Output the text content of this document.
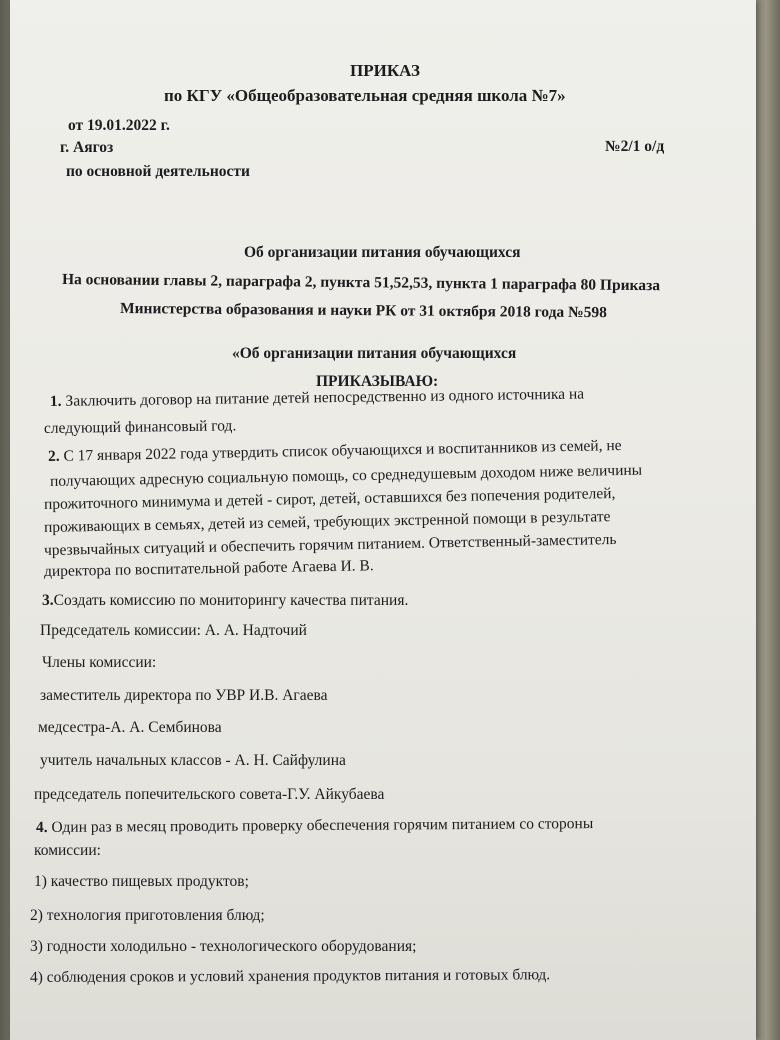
ПРИКАЗ
по КГУ «Общеобразовательная средняя школа №7»
от 19.01.2022 г.
г. Аягоз	№2/1 о/д
по основной деятельности
Об организации питания обучающихся
На основании главы 2, параграфа 2, пункта 51,52,53, пункта 1 параграфа 80 Приказа
Министерства образования и науки РК от 31 октября 2018 года №598
«Об организации питания обучающихся
ПРИКАЗЫВАЮ:
1. Заключить договор на питание детей непосредственно из одного источника на
следующий финансовый год.
2. С 17 января 2022 года утвердить список обучающихся и воспитанников из семей, не
получающих адресную социальную помощь, со среднедушевым доходом ниже величины
прожиточного минимума и детей - сирот, детей, оставшихся без попечения родителей,
проживающих в семьях, детей из семей, требующих экстренной помощи в результате
чрезвычайных ситуаций и обеспечить горячим питанием. Ответственный-заместитель
директора по воспитательной работе Агаева И. В.
3.Создать комиссию по мониторингу качества питания.
Председатель комиссии: А. А. Надточий
Члены комиссии:
заместитель директора по УВР И.В. Агаева
медсестра-А. А. Сембинова
учитель начальных классов - А. Н. Сайфулина
председатель попечительского совета-Г.У. Айкубаева
4. Один раз в месяц проводить проверку обеспечения горячим питанием со стороны
комиссии:
1) качество пищевых продуктов;
2) технология приготовления блюд;
3) годности холодильно - технологического оборудования;
4) соблюдения сроков и условий хранения продуктов питания и готовых блюд.
